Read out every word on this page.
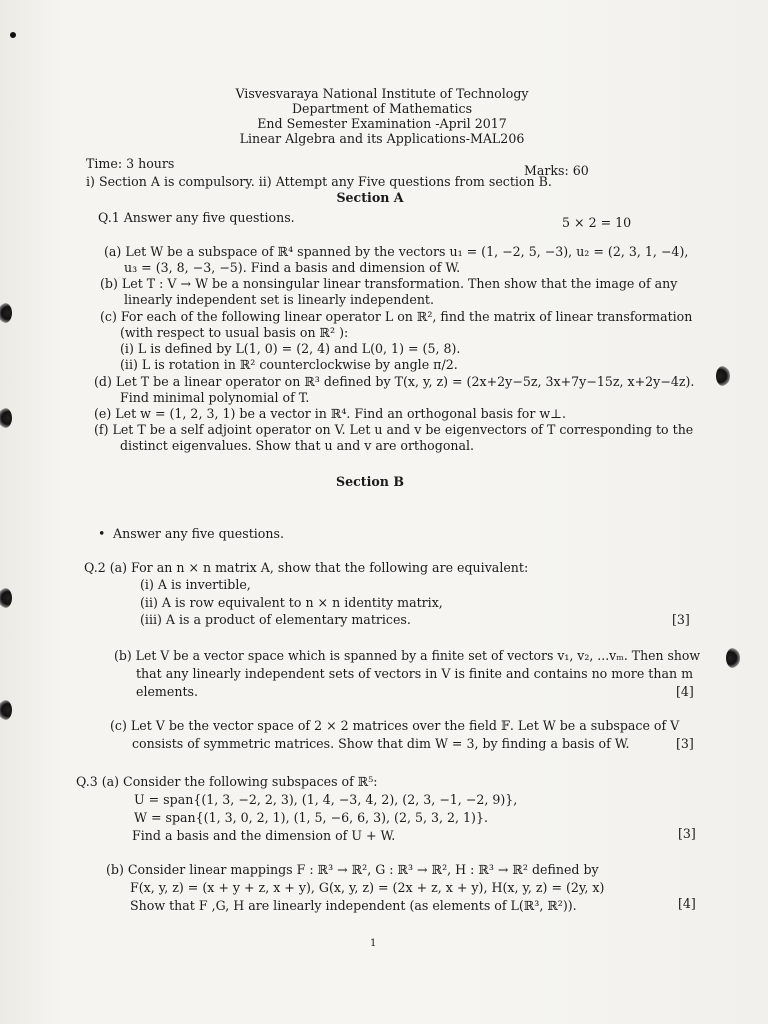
Visvesvaraya National Institute of Technology
Department of Mathematics
End Semester Examination -April 2017
Linear Algebra and its Applications-MAL206
Time: 3 hours	Marks: 60
i) Section A is compulsory. ii) Attempt any Five questions from section B.
Section A
Q.1 Answer any five questions.	5 × 2 = 10
(a) Let W be a subspace of ℝ⁴ spanned by the vectors u₁ = (1, −2, 5, −3), u₂ = (2, 3, 1, −4),
u₃ = (3, 8, −3, −5). Find a basis and dimension of W.
(b) Let T : V → W be a nonsingular linear transformation. Then show that the image of any
linearly independent set is linearly independent.
(c) For each of the following linear operator L on ℝ², find the matrix of linear transformation
(with respect to usual basis on ℝ² ):
(i) L is defined by L(1, 0) = (2, 4) and L(0, 1) = (5, 8).
(ii) L is rotation in ℝ² counterclockwise by angle π/2.
(d) Let T be a linear operator on ℝ³ defined by T(x, y, z) = (2x+2y−5z, 3x+7y−15z, x+2y−4z).
Find minimal polynomial of T.
(e) Let w = (1, 2, 3, 1) be a vector in ℝ⁴. Find an orthogonal basis for w⊥.
(f) Let T be a self adjoint operator on V. Let u and v be eigenvectors of T corresponding to the
distinct eigenvalues. Show that u and v are orthogonal.
Section B
• Answer any five questions.
Q.2 (a) For an n × n matrix A, show that the following are equivalent:
(i) A is invertible,
(ii) A is row equivalent to n × n identity matrix,
(iii) A is a product of elementary matrices.	[3]
(b) Let V be a vector space which is spanned by a finite set of vectors v₁, v₂, ...vₘ. Then show
that any linearly independent sets of vectors in V is finite and contains no more than m
elements.	[4]
(c) Let V be the vector space of 2 × 2 matrices over the field 𝔽. Let W be a subspace of V
consists of symmetric matrices. Show that dim W = 3, by finding a basis of W.	[3]
Q.3 (a) Consider the following subspaces of ℝ⁵:
U = span{(1, 3, −2, 2, 3), (1, 4, −3, 4, 2), (2, 3, −1, −2, 9)},
W = span{(1, 3, 0, 2, 1), (1, 5, −6, 6, 3), (2, 5, 3, 2, 1)}.
Find a basis and the dimension of U + W.	[3]
(b) Consider linear mappings F : ℝ³ → ℝ², G : ℝ³ → ℝ², H : ℝ³ → ℝ² defined by
F(x, y, z) = (x + y + z, x + y), G(x, y, z) = (2x + z, x + y), H(x, y, z) = (2y, x)
Show that F ,G, H are linearly independent (as elements of L(ℝ³, ℝ²)).	[4]
1
